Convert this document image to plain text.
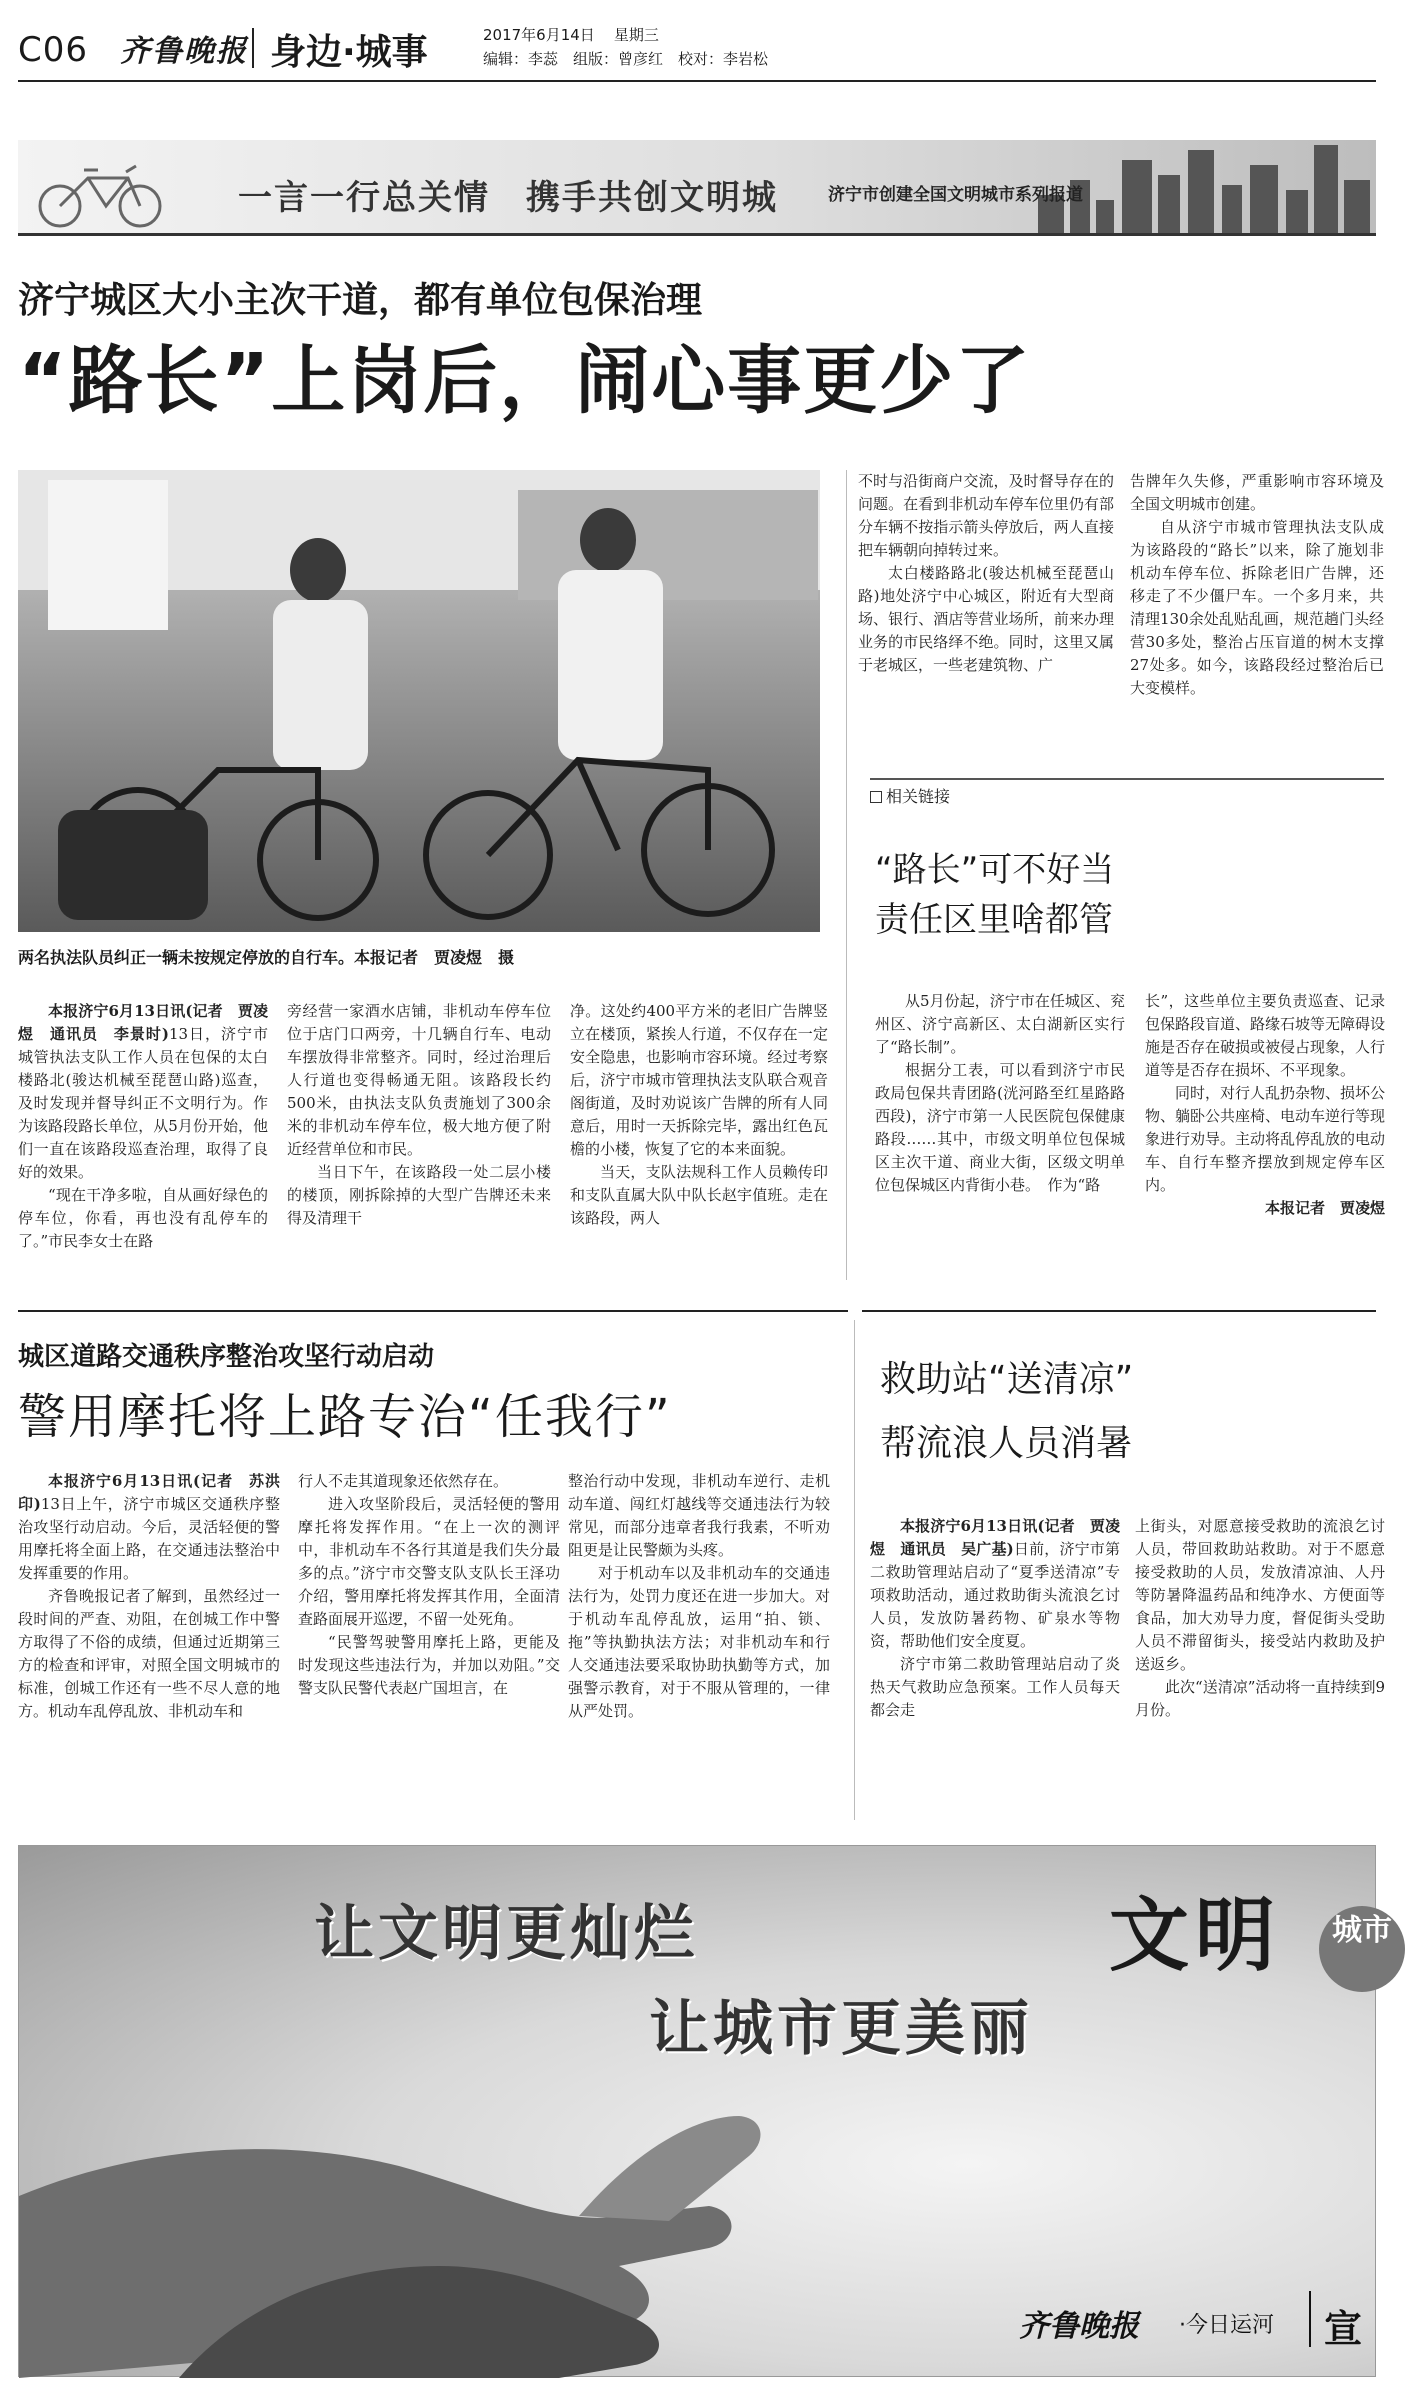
C06 齐鲁晚报 身边·城事	2017年6月14日 星期三
编辑：李蕊　组版：曾彦红　校对：李岩松
一言一行总关情　携手共创文明城	济宁市创建全国文明城市系列报道
济宁城区大小主次干道，都有单位包保治理
“路长”上岗后，闹心事更少了
两名执法队员纠正一辆未按规定停放的自行车。本报记者　贾凌煜　摄

本报济宁6月13日讯(记者　贾凌煜　通讯员　李景时)13日，济宁市城管执法支队工作人员在包保的太白楼路北(骏达机械至琵琶山路)巡查，及时发现并督导纠正不文明行为。作为该路段路长单位，从5月份开始，他们一直在该路段巡查治理，取得了良好的效果。

“现在干净多啦，自从画好绿色的停车位，你看，再也没有乱停车的了。”市民李女士在路

旁经营一家酒水店铺，非机动车停车位位于店门口两旁，十几辆自行车、电动车摆放得非常整齐。同时，经过治理后人行道也变得畅通无阻。该路段长约500米，由执法支队负责施划了300余米的非机动车停车位，极大地方便了附近经营单位和市民。

当日下午，在该路段一处二层小楼的楼顶，刚拆除掉的大型广告牌还未来得及清理干

净。这处约400平方米的老旧广告牌竖立在楼顶，紧挨人行道，不仅存在一定安全隐患，也影响市容环境。经过考察后，济宁市城市管理执法支队联合观音阁街道，及时劝说该广告牌的所有人同意后，用时一天拆除完毕，露出红色瓦檐的小楼，恢复了它的本来面貌。

当天，支队法规科工作人员赖传印和支队直属大队中队长赵宇值班。走在该路段，两人

不时与沿街商户交流，及时督导存在的问题。在看到非机动车停车位里仍有部分车辆不按指示箭头停放后，两人直接把车辆朝向掉转过来。

太白楼路路北(骏达机械至琵琶山路)地处济宁中心城区，附近有大型商场、银行、酒店等营业场所，前来办理业务的市民络绎不绝。同时，这里又属于老城区，一些老建筑物、广

告牌年久失修，严重影响市容环境及全国文明城市创建。

自从济宁市城市管理执法支队成为该路段的“路长”以来，除了施划非机动车停车位、拆除老旧广告牌，还移走了不少僵尸车。一个多月来，共清理130余处乱贴乱画，规范趟门头经营30多处，整治占压盲道的树木支撑27处多。如今，该路段经过整治后已大变模样。

相关链接
“路长”可不好当
责任区里啥都管

从5月份起，济宁市在任城区、兖州区、济宁高新区、太白湖新区实行了“路长制”。

根据分工表，可以看到济宁市民政局包保共青团路(洸河路至红星路路西段)，济宁市第一人民医院包保健康路段……其中，市级文明单位包保城区主次干道、商业大街，区级文明单位包保城区内背街小巷。　作为“路

长”，这些单位主要负责巡查、记录包保路段盲道、路缘石坡等无障碍设施是否存在破损或被侵占现象，人行道等是否存在损坏、不平现象。

同时，对行人乱扔杂物、损坏公物、躺卧公共座椅、电动车逆行等现象进行劝导。主动将乱停乱放的电动车、自行车整齐摆放到规定停车区内。

本报记者　贾凌煜

城区道路交通秩序整治攻坚行动启动
警用摩托将上路专治“任我行”

本报济宁6月13日讯(记者　苏洪印)13日上午，济宁市城区交通秩序整治攻坚行动启动。今后，灵活轻便的警用摩托将全面上路，在交通违法整治中发挥重要的作用。

齐鲁晚报记者了解到，虽然经过一段时间的严查、劝阻，在创城工作中警方取得了不俗的成绩，但通过近期第三方的检查和评审，对照全国文明城市的标准，创城工作还有一些不尽人意的地方。机动车乱停乱放、非机动车和

行人不走其道现象还依然存在。

进入攻坚阶段后，灵活轻便的警用摩托将发挥作用。“在上一次的测评中，非机动车不各行其道是我们失分最多的点。”济宁市交警支队支队长王泽功介绍，警用摩托将发挥其作用，全面清查路面展开巡逻，不留一处死角。

“民警驾驶警用摩托上路，更能及时发现这些违法行为，并加以劝阻。”交警支队民警代表赵广国坦言，在

整治行动中发现，非机动车逆行、走机动车道、闯红灯越线等交通违法行为较常见，而部分违章者我行我素，不听劝阻更是让民警颇为头疼。

对于机动车以及非机动车的交通违法行为，处罚力度还在进一步加大。对于机动车乱停乱放，运用“拍、锁、拖”等执勤执法方法；对非机动车和行人交通违法要采取协助执勤等方式，加强警示教育，对于不服从管理的，一律从严处罚。

救助站“送清凉”
帮流浪人员消暑

本报济宁6月13日讯(记者　贾凌煜　通讯员　吴广基)日前，济宁市第二救助管理站启动了“夏季送清凉”专项救助活动，通过救助街头流浪乞讨人员，发放防暑药物、矿泉水等物资，帮助他们安全度夏。

济宁市第二救助管理站启动了炎热天气救助应急预案。工作人员每天都会走

上街头，对愿意接受救助的流浪乞讨人员，带回救助站救助。对于不愿意接受救助的人员，发放清凉油、人丹等防暑降温药品和纯净水、方便面等食品，加大劝导力度，督促街头受助人员不滞留街头，接受站内救助及护送返乡。

此次“送清凉”活动将一直持续到9月份。

让文明更灿烂
让城市更美丽
文明	城市
齐鲁晚报 ·今日运河 宣
